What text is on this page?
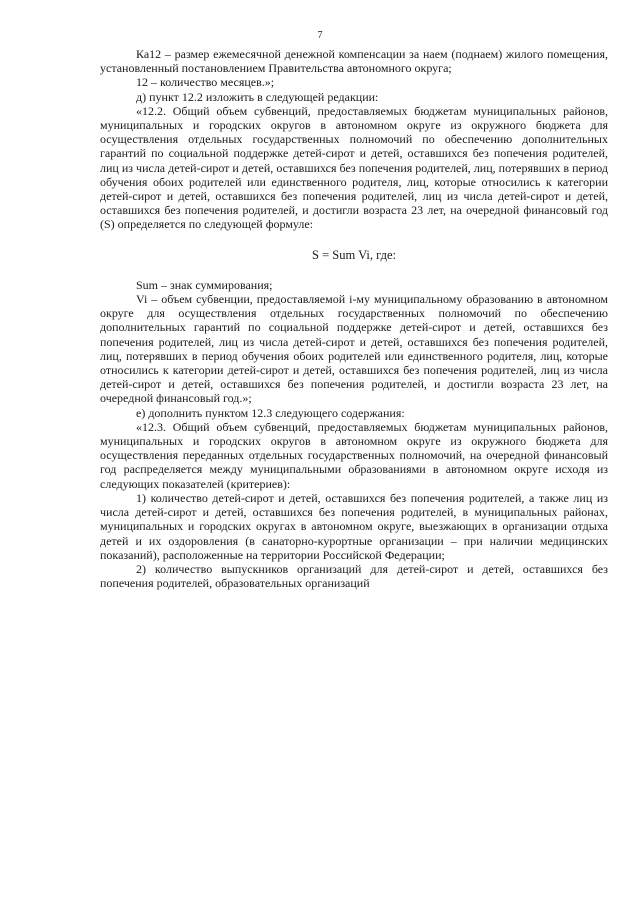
7

Ка12 – размер ежемесячной денежной компенсации за наем (поднаем) жилого помещения, установленный постановлением Правительства автономного округа;

12 – количество месяцев.»;

д) пункт 12.2 изложить в следующей редакции:

«12.2. Общий объем субвенций, предоставляемых бюджетам муниципальных районов, муниципальных и городских округов в автономном округе из окружного бюджета для осуществления отдельных государственных полномочий по обеспечению дополнительных гарантий по социальной поддержке детей-сирот и детей, оставшихся без попечения родителей, лиц из числа детей-сирот и детей, оставшихся без попечения родителей, лиц, потерявших в период обучения обоих родителей или единственного родителя, лиц, которые относились к категории детей-сирот и детей, оставшихся без попечения родителей, лиц из числа детей-сирот и детей, оставшихся без попечения родителей, и достигли возраста 23 лет, на очередной финансовый год (S) определяется по следующей формуле:

S = Sum Vi, где:

Sum – знак суммирования;

Vi – объем субвенции, предоставляемой i-му муниципальному образованию в автономном округе для осуществления отдельных государственных полномочий по обеспечению дополнительных гарантий по социальной поддержке детей-сирот и детей, оставшихся без попечения родителей, лиц из числа детей-сирот и детей, оставшихся без попечения родителей, лиц, потерявших в период обучения обоих родителей или единственного родителя, лиц, которые относились к категории детей-сирот и детей, оставшихся без попечения родителей, лиц из числа детей-сирот и детей, оставшихся без попечения родителей, и достигли возраста 23 лет, на очередной финансовый год.»;

е) дополнить пунктом 12.3 следующего содержания:

«12.3. Общий объем субвенций, предоставляемых бюджетам муниципальных районов, муниципальных и городских округов в автономном округе из окружного бюджета для осуществления переданных отдельных государственных полномочий, на очередной финансовый год распределяется между муниципальными образованиями в автономном округе исходя из следующих показателей (критериев):

1) количество детей-сирот и детей, оставшихся без попечения родителей, а также лиц из числа детей-сирот и детей, оставшихся без попечения родителей, в муниципальных районах, муниципальных и городских округах в автономном округе, выезжающих в организации отдыха детей и их оздоровления (в санаторно-курортные организации – при наличии медицинских показаний), расположенные на территории Российской Федерации;

2) количество выпускников организаций для детей-сирот и детей, оставшихся без попечения родителей, образовательных организаций
